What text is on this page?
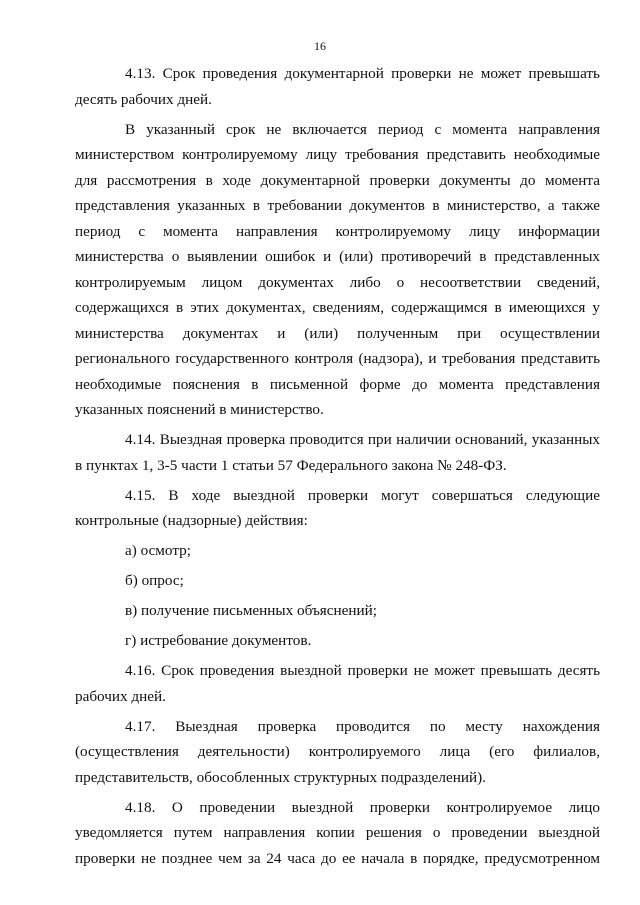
16

4.13. Срок проведения документарной проверки не может превышать десять рабочих дней.

В указанный срок не включается период с момента направления министерством контролируемому лицу требования представить необходимые для рассмотрения в ходе документарной проверки документы до момента представления указанных в требовании документов в министерство, а также период с момента направления контролируемому лицу информации министерства о выявлении ошибок и (или) противоречий в представленных контролируемым лицом документах либо о несоответствии сведений, содержащихся в этих документах, сведениям, содержащимся в имеющихся у министерства документах и (или) полученным при осуществлении регионального государственного контроля (надзора), и требования представить необходимые пояснения в письменной форме до момента представления указанных пояснений в министерство.

4.14. Выездная проверка проводится при наличии оснований, указанных в пунктах 1, 3-5 части 1 статьи 57 Федерального закона № 248-ФЗ.

4.15. В ходе выездной проверки могут совершаться следующие контрольные (надзорные) действия:

а) осмотр;

б) опрос;

в) получение письменных объяснений;

г) истребование документов.

4.16. Срок проведения выездной проверки не может превышать десять рабочих дней.

4.17. Выездная проверка проводится по месту нахождения (осуществления деятельности) контролируемого лица (его филиалов, представительств, обособленных структурных подразделений).

4.18. О проведении выездной проверки контролируемое лицо уведомляется путем направления копии решения о проведении выездной проверки не позднее чем за 24 часа до ее начала в порядке, предусмотренном
